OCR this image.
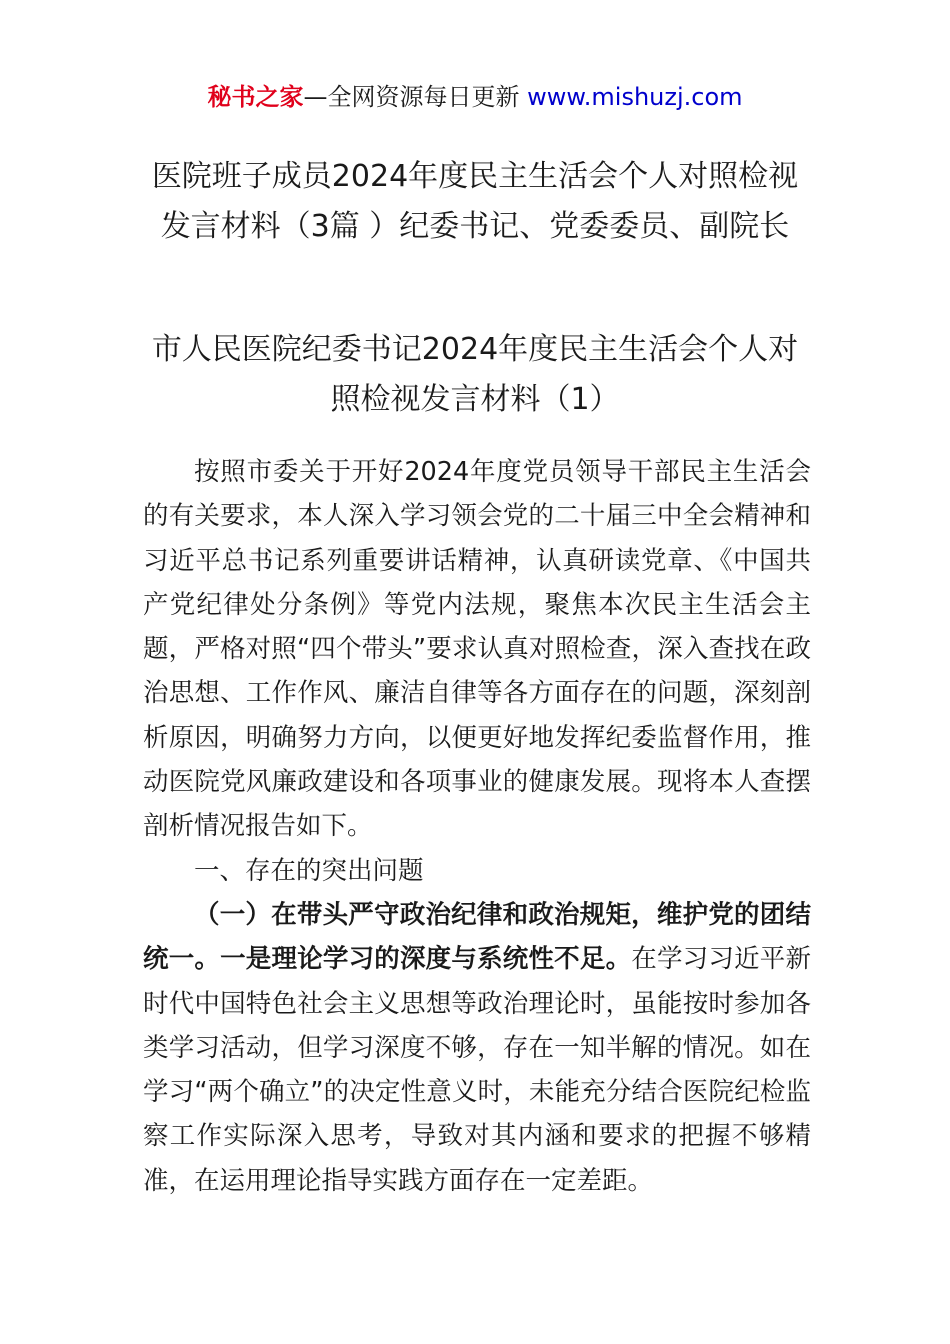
秘书之家—全网资源每日更新 www.mishuzj.com
医院班子成员2024年度民主生活会个人对照检视发言材料（3篇 ）纪委书记、党委委员、副院长
市人民医院纪委书记2024年度民主生活会个人对照检视发言材料（1）

按照市委关于开好2024年度党员领导干部民主生活会的有关要求，本人深入学习领会党的二十届三中全会精神和习近平总书记系列重要讲话精神，认真研读党章、《中国共产党纪律处分条例》等党内法规，聚焦本次民主生活会主题，严格对照“四个带头”要求认真对照检查，深入查找在政治思想、工作作风、廉洁自律等各方面存在的问题，深刻剖析原因，明确努力方向，以便更好地发挥纪委监督作用，推动医院党风廉政建设和各项事业的健康发展。现将本人查摆剖析情况报告如下。

一、存在的突出问题

（一）在带头严守政治纪律和政治规矩，维护党的团结统一。一是理论学习的深度与系统性不足。在学习习近平新时代中国特色社会主义思想等政治理论时，虽能按时参加各类学习活动，但学习深度不够，存在一知半解的情况。如在学习“两个确立”的决定性意义时，未能充分结合医院纪检监察工作实际深入思考，导致对其内涵和要求的把握不够精准，在运用理论指导实践方面存在一定差距。
